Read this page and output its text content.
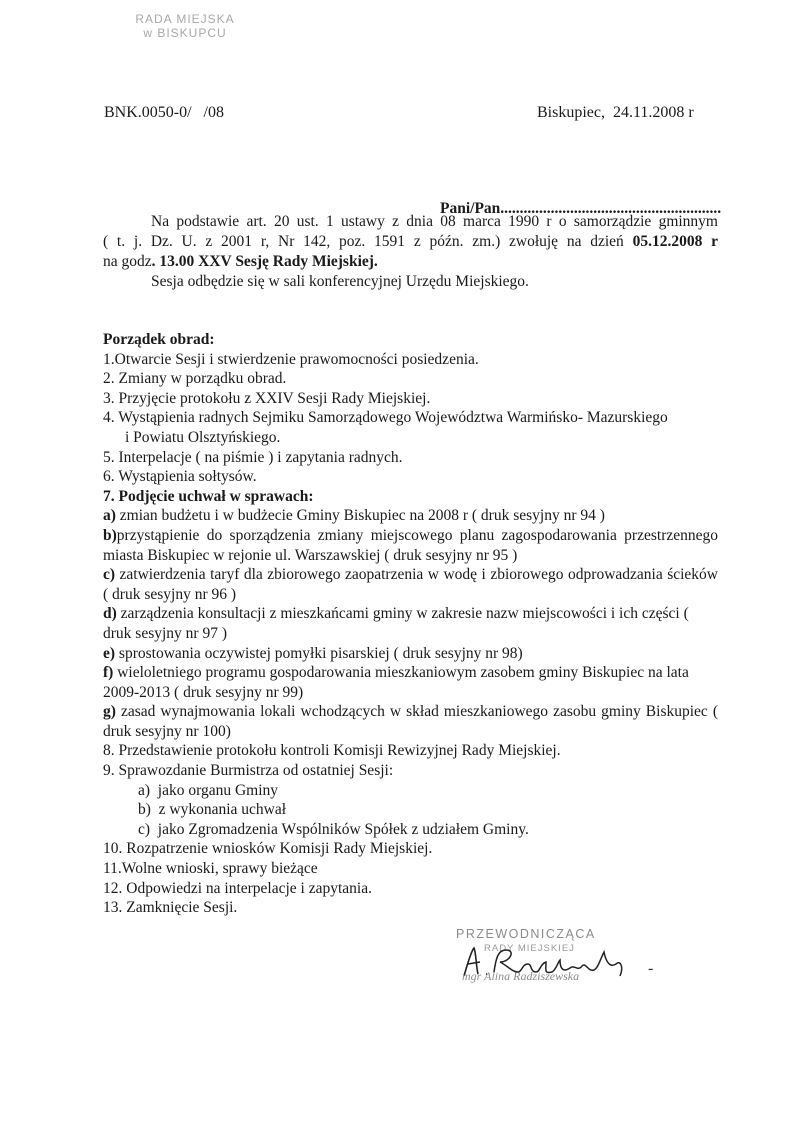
RADA MIEJSKA
w BISKUPCU
BNK.0050-0/   /08	Biskupiec,  24.11.2008 r
Pani/Pan.........................................................
Na podstawie art. 20 ust. 1 ustawy z dnia 08 marca 1990 r o samorządzie gminnym
( t. j. Dz. U. z 2001 r, Nr 142, poz. 1591 z późn. zm.) zwołuję na dzień 05.12.2008 r
na godz. 13.00 XXV Sesję Rady Miejskiej.
Sesja odbędzie się w sali konferencyjnej Urzędu Miejskiego.
Porządek obrad:
1.Otwarcie Sesji i stwierdzenie prawomocności posiedzenia.
2. Zmiany w porządku obrad.
3. Przyjęcie protokołu z XXIV Sesji Rady Miejskiej.
4. Wystąpienia radnych Sejmiku Samorządowego Województwa Warmińsko- Mazurskiego
i Powiatu Olsztyńskiego.
5. Interpelacje ( na piśmie ) i zapytania radnych.
6. Wystąpienia sołtysów.
7. Podjęcie uchwał w sprawach:
a) zmian budżetu i w budżecie Gminy Biskupiec na 2008 r ( druk sesyjny nr 94 )
b)przystąpienie do sporządzenia zmiany miejscowego planu zagospodarowania przestrzennego miasta Biskupiec w rejonie ul. Warszawskiej ( druk sesyjny nr 95 )
c) zatwierdzenia taryf dla zbiorowego zaopatrzenia w wodę i zbiorowego odprowadzania ścieków ( druk sesyjny nr 96 )
d) zarządzenia konsultacji z mieszkańcami gminy w zakresie nazw miejscowości i ich części ( druk sesyjny nr 97 )
e) sprostowania oczywistej pomyłki pisarskiej ( druk sesyjny nr 98)
f) wieloletniego programu gospodarowania mieszkaniowym zasobem gminy Biskupiec na lata 2009-2013 ( druk sesyjny nr 99)
g) zasad wynajmowania lokali wchodzących w skład mieszkaniowego zasobu gminy Biskupiec ( druk sesyjny nr 100)
8. Przedstawienie protokołu kontroli Komisji Rewizyjnej Rady Miejskiej.
9. Sprawozdanie Burmistrza od ostatniej Sesji:
a)  jako organu Gminy
b)  z wykonania uchwał
c)  jako Zgromadzenia Wspólników Spółek z udziałem Gminy.
10. Rozpatrzenie wniosków Komisji Rady Miejskiej.
11.Wolne wnioski, sprawy bieżące
12. Odpowiedzi na interpelacje i zapytania.
13. Zamknięcie Sesji.
PRZEWODNICZĄCA
RADY MIEJSKIEJ
mgr Alina Radziszewska	-
